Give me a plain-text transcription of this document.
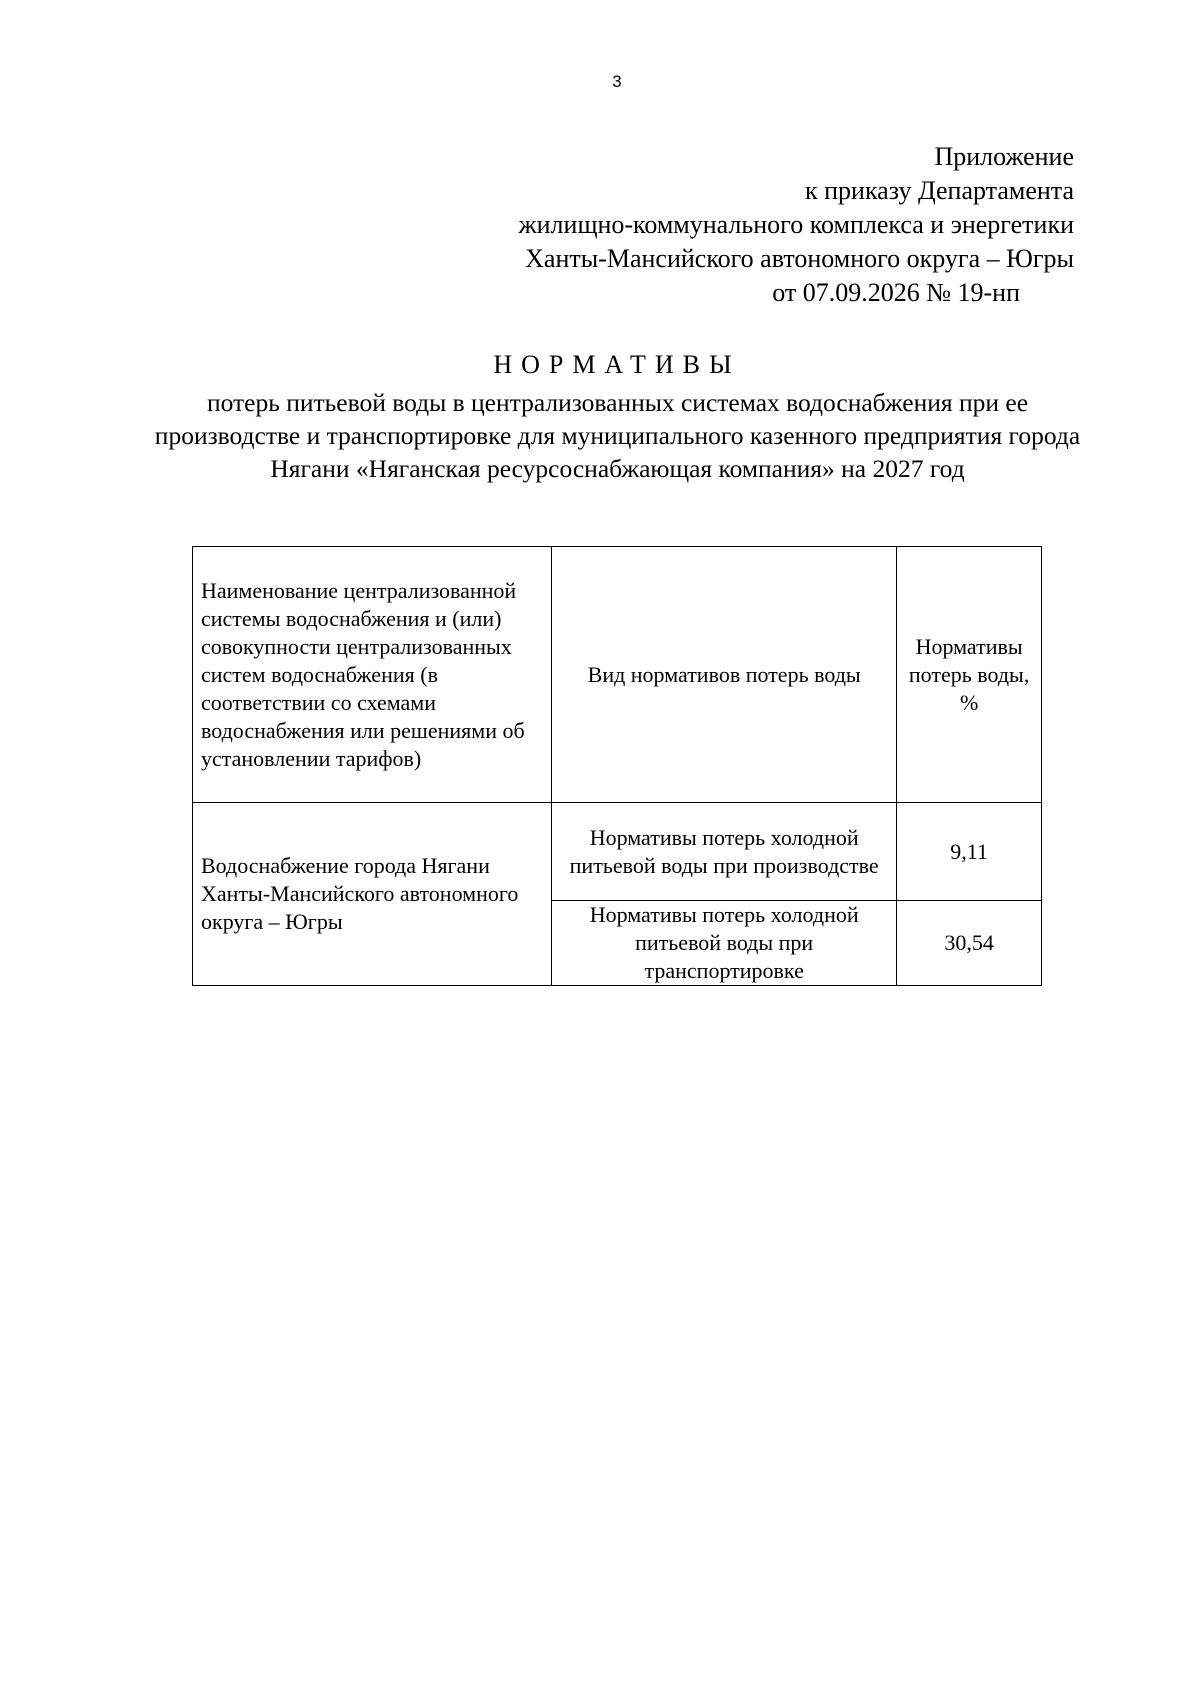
3
Приложение
к приказу Департамента
жилищно-коммунального комплекса и энергетики
Ханты-Мансийского автономного округа – Югры
от 07.09.2026 № 19-нп
НОРМАТИВЫ
потерь питьевой воды в централизованных системах водоснабжения при ее производстве и транспортировке для муниципального казенного предприятия города Нягани «Няганская ресурсоснабжающая компания» на 2027 год
Наименование централизованной системы водоснабжения и (или) совокупности централизованных систем водоснабжения (в соответствии со схемами водоснабжения или решениями об установлении тарифов)	Вид нормативов потерь воды	Нормативы потерь воды, %
Водоснабжение города Нягани Ханты-Мансийского автономного округа – Югры	Нормативы потерь холодной питьевой воды при производстве	9,11
	Нормативы потерь холодной питьевой воды при транспортировке	30,54
